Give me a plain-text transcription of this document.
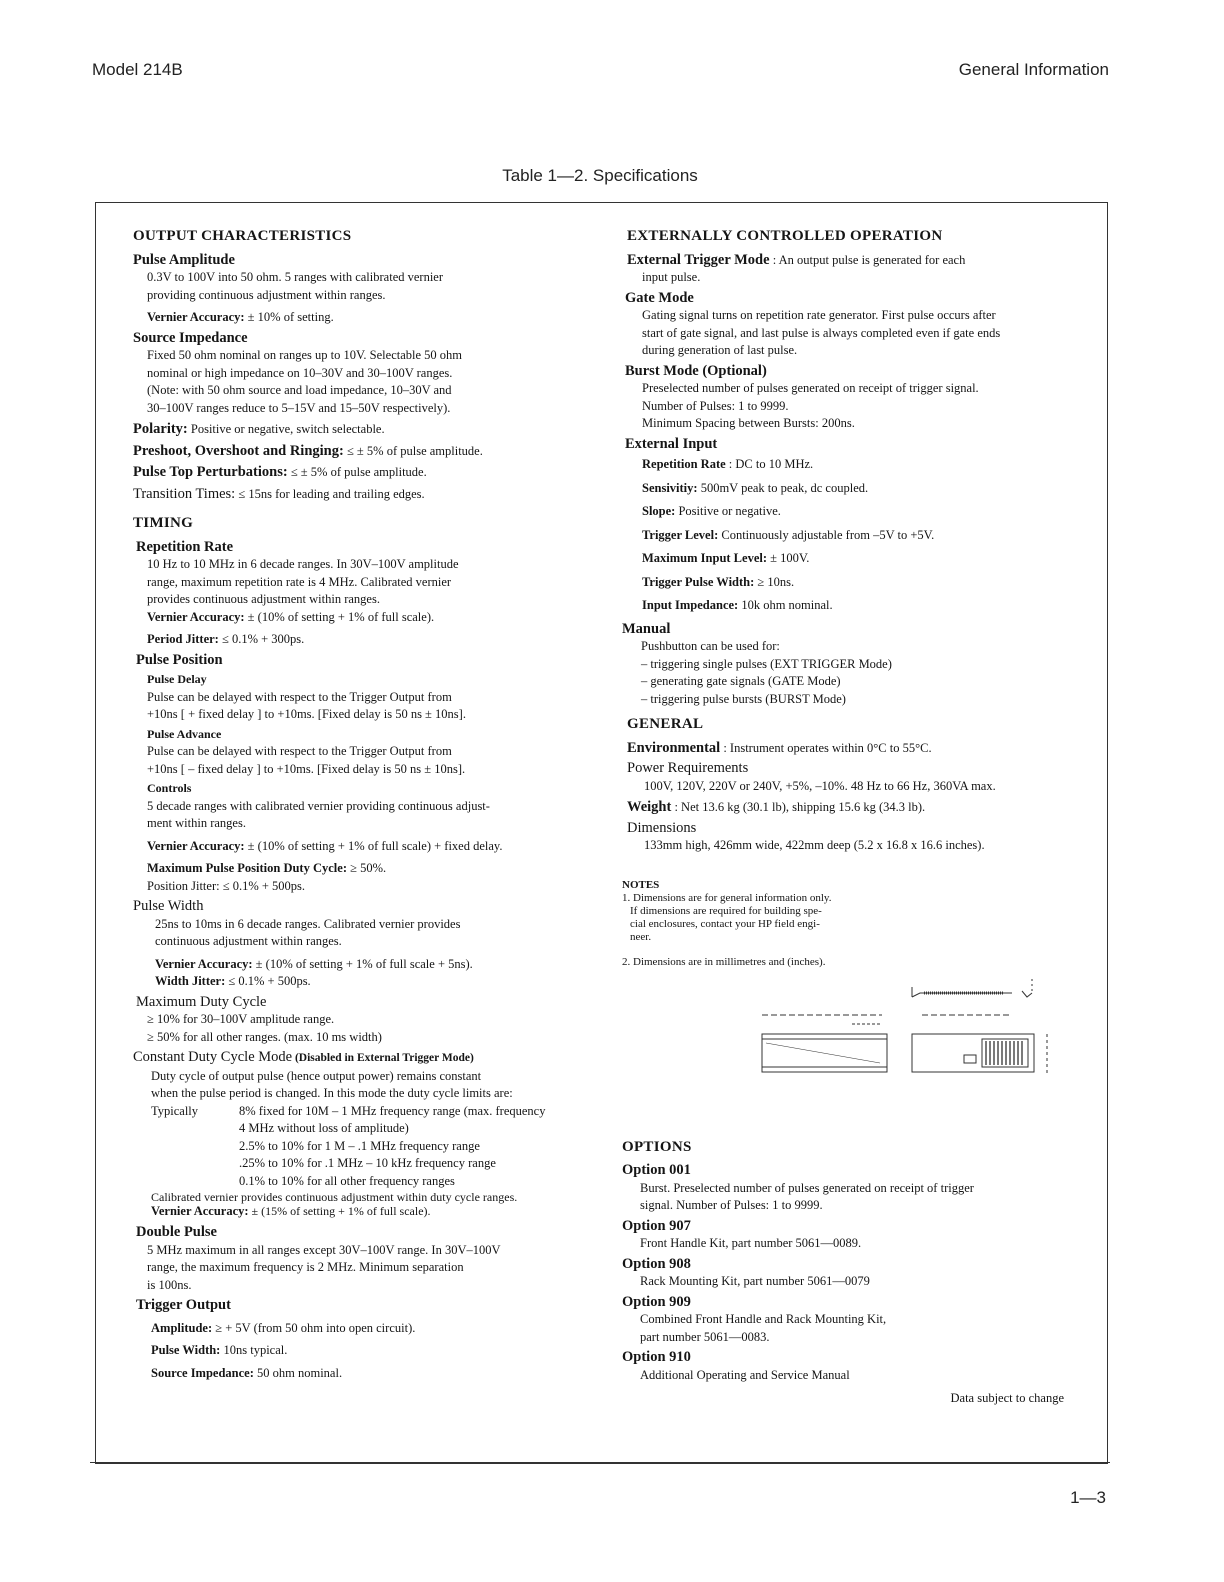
Model 214B	General Information
Table 1—2. Specifications
OUTPUT CHARACTERISTICS
Pulse Amplitude
0.3V to 100V into 50 ohm. 5 ranges with calibrated vernier
providing continuous adjustment within ranges.
Vernier Accuracy: ± 10% of setting.
Source Impedance
Fixed 50 ohm nominal on ranges up to 10V. Selectable 50 ohm
nominal or high impedance on 10–30V and 30–100V ranges.
(Note: with 50 ohm source and load impedance, 10–30V and
30–100V ranges reduce to 5–15V and 15–50V respectively).
Polarity: Positive or negative, switch selectable.
Preshoot, Overshoot and Ringing: ≤ ± 5% of pulse amplitude.
Pulse Top Perturbations: ≤ ± 5% of pulse amplitude.
Transition Times: ≤ 15ns for leading and trailing edges.
TIMING
Repetition Rate
10 Hz to 10 MHz in 6 decade ranges. In 30V–100V amplitude
range, maximum repetition rate is 4 MHz. Calibrated vernier
provides continuous adjustment within ranges.
Vernier Accuracy: ± (10% of setting + 1% of full scale).
Period Jitter: ≤ 0.1% + 300ps.
Pulse Position
Pulse Delay
Pulse can be delayed with respect to the Trigger Output from
+10ns [ + fixed delay ] to +10ms. [Fixed delay is 50 ns ± 10ns].
Pulse Advance
Pulse can be delayed with respect to the Trigger Output from
+10ns [ – fixed delay ] to +10ms. [Fixed delay is 50 ns ± 10ns].
Controls
5 decade ranges with calibrated vernier providing continuous adjust-
ment within ranges.
Vernier Accuracy: ± (10% of setting + 1% of full scale) + fixed delay.
Maximum Pulse Position Duty Cycle: ≥ 50%.
Position Jitter: ≤ 0.1% + 500ps.
Pulse Width
25ns to 10ms in 6 decade ranges. Calibrated vernier provides
continuous adjustment within ranges.
Vernier Accuracy: ± (10% of setting + 1% of full scale + 5ns).
Width Jitter: ≤ 0.1% + 500ps.
Maximum Duty Cycle
≥ 10% for 30–100V amplitude range.
≥ 50% for all other ranges. (max. 10 ms width)
Constant Duty Cycle Mode (Disabled in External Trigger Mode)
Duty cycle of output pulse (hence output power) remains constant
when the pulse period is changed. In this mode the duty cycle limits are:
Typically	8% fixed for 10M – 1 MHz frequency range (max. frequency
4 MHz without loss of amplitude)
2.5% to 10% for 1 M – .1 MHz frequency range
.25% to 10% for .1 MHz – 10 kHz frequency range
0.1% to 10% for all other frequency ranges
Calibrated vernier provides continuous adjustment within duty cycle ranges.
Vernier Accuracy: ± (15% of setting + 1% of full scale).
Double Pulse
5 MHz maximum in all ranges except 30V–100V range. In 30V–100V
range, the maximum frequency is 2 MHz. Minimum separation
is 100ns.
Trigger Output
Amplitude: ≥ + 5V (from 50 ohm into open circuit).
Pulse Width: 10ns typical.
Source Impedance: 50 ohm nominal.
EXTERNALLY CONTROLLED OPERATION
External Trigger Mode : An output pulse is generated for each
input pulse.
Gate Mode
Gating signal turns on repetition rate generator. First pulse occurs after
start of gate signal, and last pulse is always completed even if gate ends
during generation of last pulse.
Burst Mode (Optional)
Preselected number of pulses generated on receipt of trigger signal.
Number of Pulses: 1 to 9999.
Minimum Spacing between Bursts: 200ns.
External Input
Repetition Rate : DC to 10 MHz.
Sensivitiy: 500mV peak to peak, dc coupled.
Slope: Positive or negative.
Trigger Level: Continuously adjustable from –5V to +5V.
Maximum Input Level: ± 100V.
Trigger Pulse Width: ≥ 10ns.
Input Impedance: 10k ohm nominal.
Manual
Pushbutton can be used for:
– triggering single pulses (EXT TRIGGER Mode)
– generating gate signals (GATE Mode)
– triggering pulse bursts (BURST Mode)
GENERAL
Environmental : Instrument operates within 0°C to 55°C.
Power Requirements
100V, 120V, 220V or 240V, +5%, –10%. 48 Hz to 66 Hz, 360VA max.
Weight : Net 13.6 kg (30.1 lb), shipping 15.6 kg (34.3 lb).
Dimensions
133mm high, 426mm wide, 422mm deep (5.2 x 16.8 x 16.6 inches).
NOTES
1. Dimensions are for general information only.
If dimensions are required for building spe-
cial enclosures, contact your HP field engi-
neer.
2. Dimensions are in millimetres and (inches).
OPTIONS
Option 001
Burst. Preselected number of pulses generated on receipt of trigger
signal. Number of Pulses: 1 to 9999.
Option 907
Front Handle Kit, part number 5061—0089.
Option 908
Rack Mounting Kit, part number 5061—0079
Option 909
Combined Front Handle and Rack Mounting Kit,
part number 5061—0083.
Option 910
Additional Operating and Service Manual
Data subject to change
1—3
